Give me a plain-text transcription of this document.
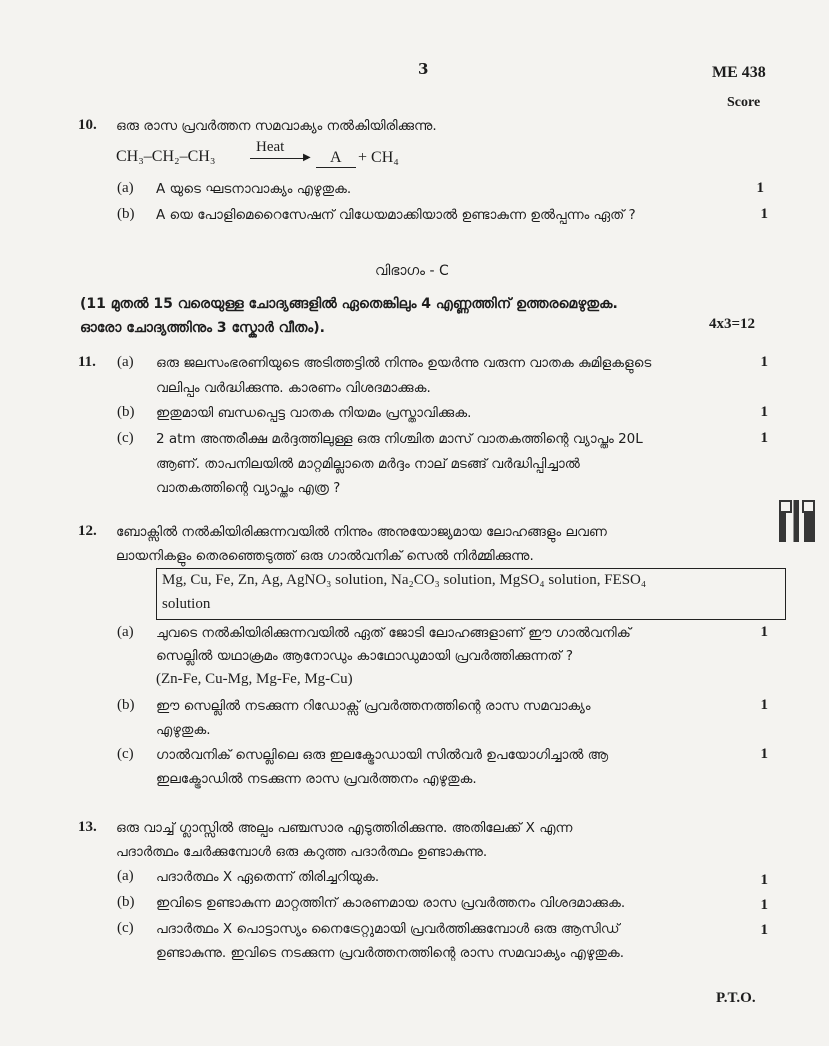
3	ME 438
Score
10. ഒരു രാസ പ്രവർത്തന സമവാക്യം നൽകിയിരിക്കുന്നു.
CH₃–CH₂–CH₃
Heat
▶ A + CH₄
(a) A യുടെ ഘടനാവാക്യം എഴുതുക.	1
(b) A യെ പോളിമെറൈസേഷന് വിധേയമാക്കിയാൽ ഉണ്ടാകുന്ന ഉൽപ്പന്നം ഏത് ?	1
വിഭാഗം - C
(11 മുതൽ 15 വരെയുള്ള ചോദ്യങ്ങളിൽ ഏതെങ്കിലും 4 എണ്ണത്തിന് ഉത്തരമെഴുതുക.
ഓരോ ചോദ്യത്തിനും 3 സ്കോർ വീതം).	4x3=12
11. (a) ഒരു ജലസംഭരണിയുടെ അടിത്തട്ടിൽ നിന്നും ഉയർന്നു വരുന്ന വാതക കുമിളകളുടെ
വലിപ്പം വർദ്ധിക്കുന്നു. കാരണം വിശദമാക്കുക.
1
(b) ഇതുമായി ബന്ധപ്പെട്ട വാതക നിയമം പ്രസ്താവിക്കുക.	1
(c) 2 atm അന്തരീക്ഷ മർദ്ദത്തിലുള്ള ഒരു നിശ്ചിത മാസ് വാതകത്തിന്റെ വ്യാപ്തം 20L
ആണ്. താപനിലയിൽ മാറ്റമില്ലാതെ മർദ്ദം നാല് മടങ്ങ് വർദ്ധിപ്പിച്ചാൽ
വാതകത്തിന്റെ വ്യാപ്തം എത്ര ?
1
12. ബോക്സിൽ നൽകിയിരിക്കുന്നവയിൽ നിന്നും അനുയോജ്യമായ ലോഹങ്ങളും ലവണ
ലായനികളും തെരഞ്ഞെടുത്ത് ഒരു ഗാൽവനിക് സെൽ നിർമ്മിക്കുന്നു.
Mg, Cu, Fe, Zn, Ag, AgNO₃ solution, Na₂CO₃ solution, MgSO₄ solution, FESO₄
solution
(a) ചുവടെ നൽകിയിരിക്കുന്നവയിൽ ഏത് ജോടി ലോഹങ്ങളാണ് ഈ ഗാൽവനിക്
സെല്ലിൽ യഥാക്രമം ആനോഡും കാഥോഡുമായി പ്രവർത്തിക്കുന്നത് ?
(Zn-Fe, Cu-Mg, Mg-Fe, Mg-Cu)
1
(b) ഈ സെല്ലിൽ നടക്കുന്ന റിഡോക്സ് പ്രവർത്തനത്തിന്റെ രാസ സമവാക്യം
എഴുതുക.
1
(c) ഗാൽവനിക് സെല്ലിലെ ഒരു ഇലക്ട്രോഡായി സിൽവർ ഉപയോഗിച്ചാൽ ആ
ഇലക്ട്രോഡിൽ നടക്കുന്ന രാസ പ്രവർത്തനം എഴുതുക.
1
13. ഒരു വാച്ച് ഗ്ലാസ്സിൽ അല്പം പഞ്ചസാര എടുത്തിരിക്കുന്നു. അതിലേക്ക് X എന്ന
പദാർത്ഥം ചേർക്കുമ്പോൾ ഒരു കറുത്ത പദാർത്ഥം ഉണ്ടാകുന്നു.
(a) പദാർത്ഥം X ഏതെന്ന് തിരിച്ചറിയുക.	1
(b) ഇവിടെ ഉണ്ടാകുന്ന മാറ്റത്തിന് കാരണമായ രാസ പ്രവർത്തനം വിശദമാക്കുക.	1
(c) പദാർത്ഥം X പൊട്ടാസ്യം നൈട്രേറ്റുമായി പ്രവർത്തിക്കുമ്പോൾ ഒരു ആസിഡ്
ഉണ്ടാകുന്നു. ഇവിടെ നടക്കുന്ന പ്രവർത്തനത്തിന്റെ രാസ സമവാക്യം എഴുതുക.
1
P.T.O.
